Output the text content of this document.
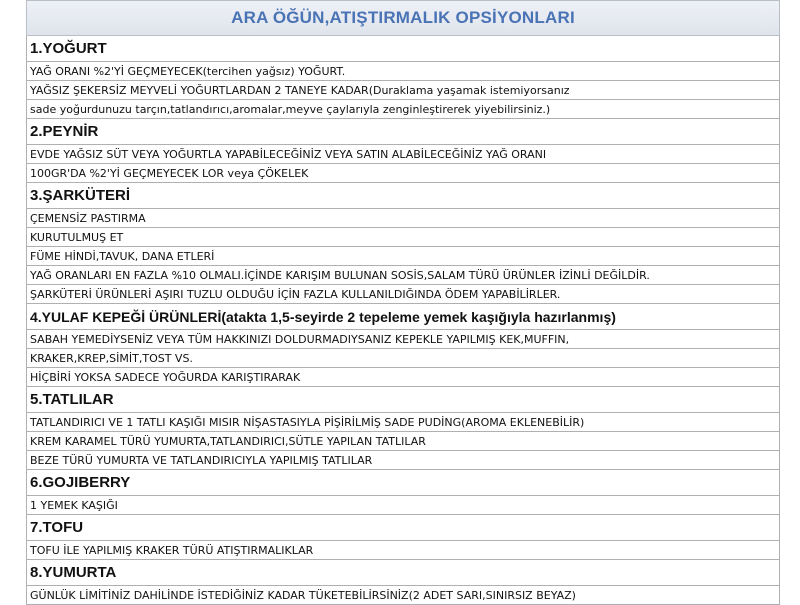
ARA ÖĞÜN,ATIŞTIRMALIK OPSİYONLARI
1.YOĞURT
YAĞ ORANI %2'Yİ GEÇMEYECEK(tercihen yağsız) YOĞURT.
YAĞSIZ ŞEKERSİZ MEYVELİ YOĞURTLARDAN 2 TANEYE KADAR(Duraklama yaşamak istemiyorsanız
sade yoğurdunuzu tarçın,tatlandırıcı,aromalar,meyve çaylarıyla zenginleştirerek yiyebilirsiniz.)
2.PEYNİR
EVDE YAĞSIZ SÜT VEYA YOĞURTLA YAPABİLECEĞİNİZ VEYA SATIN ALABİLECEĞİNİZ YAĞ ORANI
100GR'DA %2'Yİ GEÇMEYECEK LOR veya ÇÖKELEK
3.ŞARKÜTERİ
ÇEMENSİZ PASTIRMA
KURUTULMUŞ ET
FÜME HİNDİ,TAVUK, DANA ETLERİ
YAĞ ORANLARI EN FAZLA %10 OLMALI.İÇİNDE KARIŞIM BULUNAN SOSİS,SALAM TÜRÜ ÜRÜNLER İZİNLİ DEĞİLDİR.
ŞARKÜTERİ ÜRÜNLERİ AŞIRI TUZLU OLDUĞU İÇİN FAZLA KULLANILDIĞINDA ÖDEM YAPABİLİRLER.
4.YULAF KEPEĞİ ÜRÜNLERİ(atakta 1,5-seyirde 2 tepeleme yemek kaşığıyla hazırlanmış)
SABAH YEMEDİYSENİZ VEYA TÜM HAKKINIZI DOLDURMADIYSANIZ KEPEKLE YAPILMIŞ KEK,MUFFIN,
KRAKER,KREP,SİMİT,TOST VS.
HİÇBİRİ YOKSA SADECE YOĞURDA KARIŞTIRARAK
5.TATLILAR
TATLANDIRICI VE 1 TATLI KAŞIĞI MISIR NİŞASTASIYLA PİŞİRİLMİŞ SADE PUDİNG(AROMA EKLENEBİLİR)
KREM KARAMEL TÜRÜ YUMURTA,TATLANDIRICI,SÜTLE YAPILAN TATLILAR
BEZE TÜRÜ YUMURTA VE TATLANDIRICIYLA YAPILMIŞ TATLILAR
6.GOJIBERRY
1 YEMEK KAŞIĞI
7.TOFU
TOFU İLE YAPILMIŞ KRAKER TÜRÜ ATIŞTIRMALIKLAR
8.YUMURTA
GÜNLÜK LİMİTİNİZ DAHİLİNDE İSTEDİĞİNİZ KADAR TÜKETEBİLİRSİNİZ(2 ADET SARI,SINIRSIZ BEYAZ)
